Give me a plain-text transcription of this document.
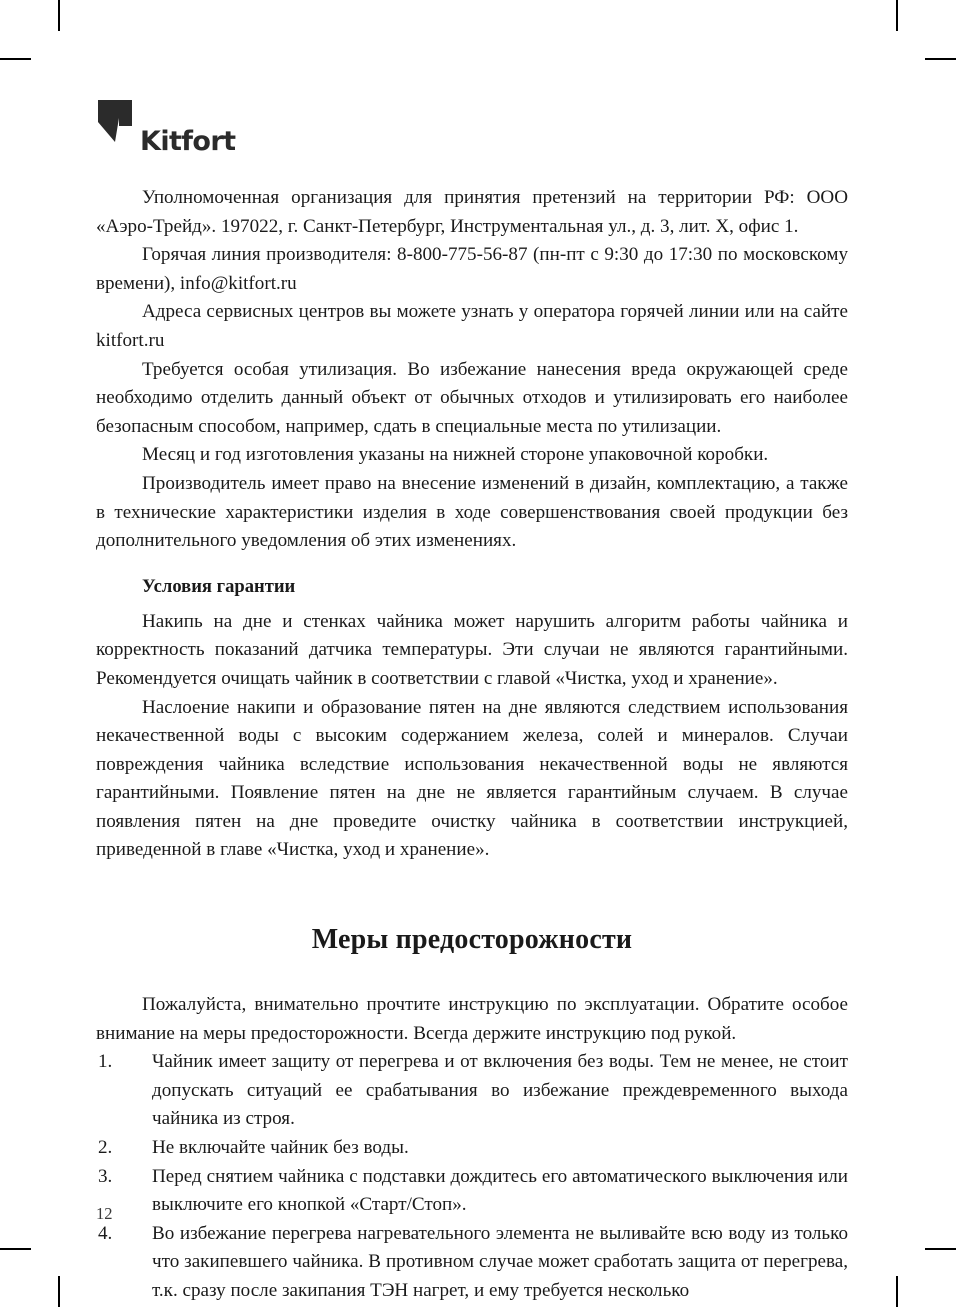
Kitfort

Уполномоченная организация для принятия претензий на территории РФ: ООО «Аэро-Трейд». 197022, г. Санкт-Петербург, Инструментальная ул., д. 3, лит. X, офис 1.

Горячая линия производителя: 8-800-775-56-87 (пн-пт с 9:30 до 17:30 по московскому времени), info@kitfort.ru

Адреса сервисных центров вы можете узнать у оператора горячей линии или на сайте kitfort.ru

Требуется особая утилизация. Во избежание нанесения вреда окружающей среде необходимо отделить данный объект от обычных отходов и утилизировать его наиболее безопасным способом, например, сдать в специальные места по утилизации.

Месяц и год изготовления указаны на нижней стороне упаковочной коробки.

Производитель имеет право на внесение изменений в дизайн, комплектацию, а также в технические характеристики изделия в ходе совершенствования своей продукции без дополнительного уведомления об этих изменениях.

Условия гарантии

Накипь на дне и стенках чайника может нарушить алгоритм работы чайника и корректность показаний датчика температуры. Эти случаи не являются гарантийными. Рекомендуется очищать чайник в соответствии с главой «Чистка, уход и хранение».

Наслоение накипи и образование пятен на дне являются следствием использования некачественной воды с высоким содержанием железа, солей и минералов. Случаи повреждения чайника вследствие использования некачественной воды не являются гарантийными. Появление пятен на дне не является гарантийным случаем. В случае появления пятен на дне проведите очистку чайника в соответствии инструкцией, приведенной в главе «Чистка, уход и хранение».

Меры предосторожности

Пожалуйста, внимательно прочтите инструкцию по эксплуатации. Обратите особое внимание на меры предосторожности. Всегда держите инструкцию под рукой.

Чайник имеет защиту от перегрева и от включения без воды. Тем не менее, не стоит допускать ситуаций ее срабатывания во избежание преждевременного выхода чайника из строя.
Не включайте чайник без воды.
Перед снятием чайника с подставки дождитесь его автоматического выключения или выключите его кнопкой «Старт/Стоп».
Во избежание перегрева нагревательного элемента не выливайте всю воду из только что закипевшего чайника. В противном случае может сработать защита от перегрева, т.к. сразу после закипания ТЭН нагрет, и ему требуется несколько
12
